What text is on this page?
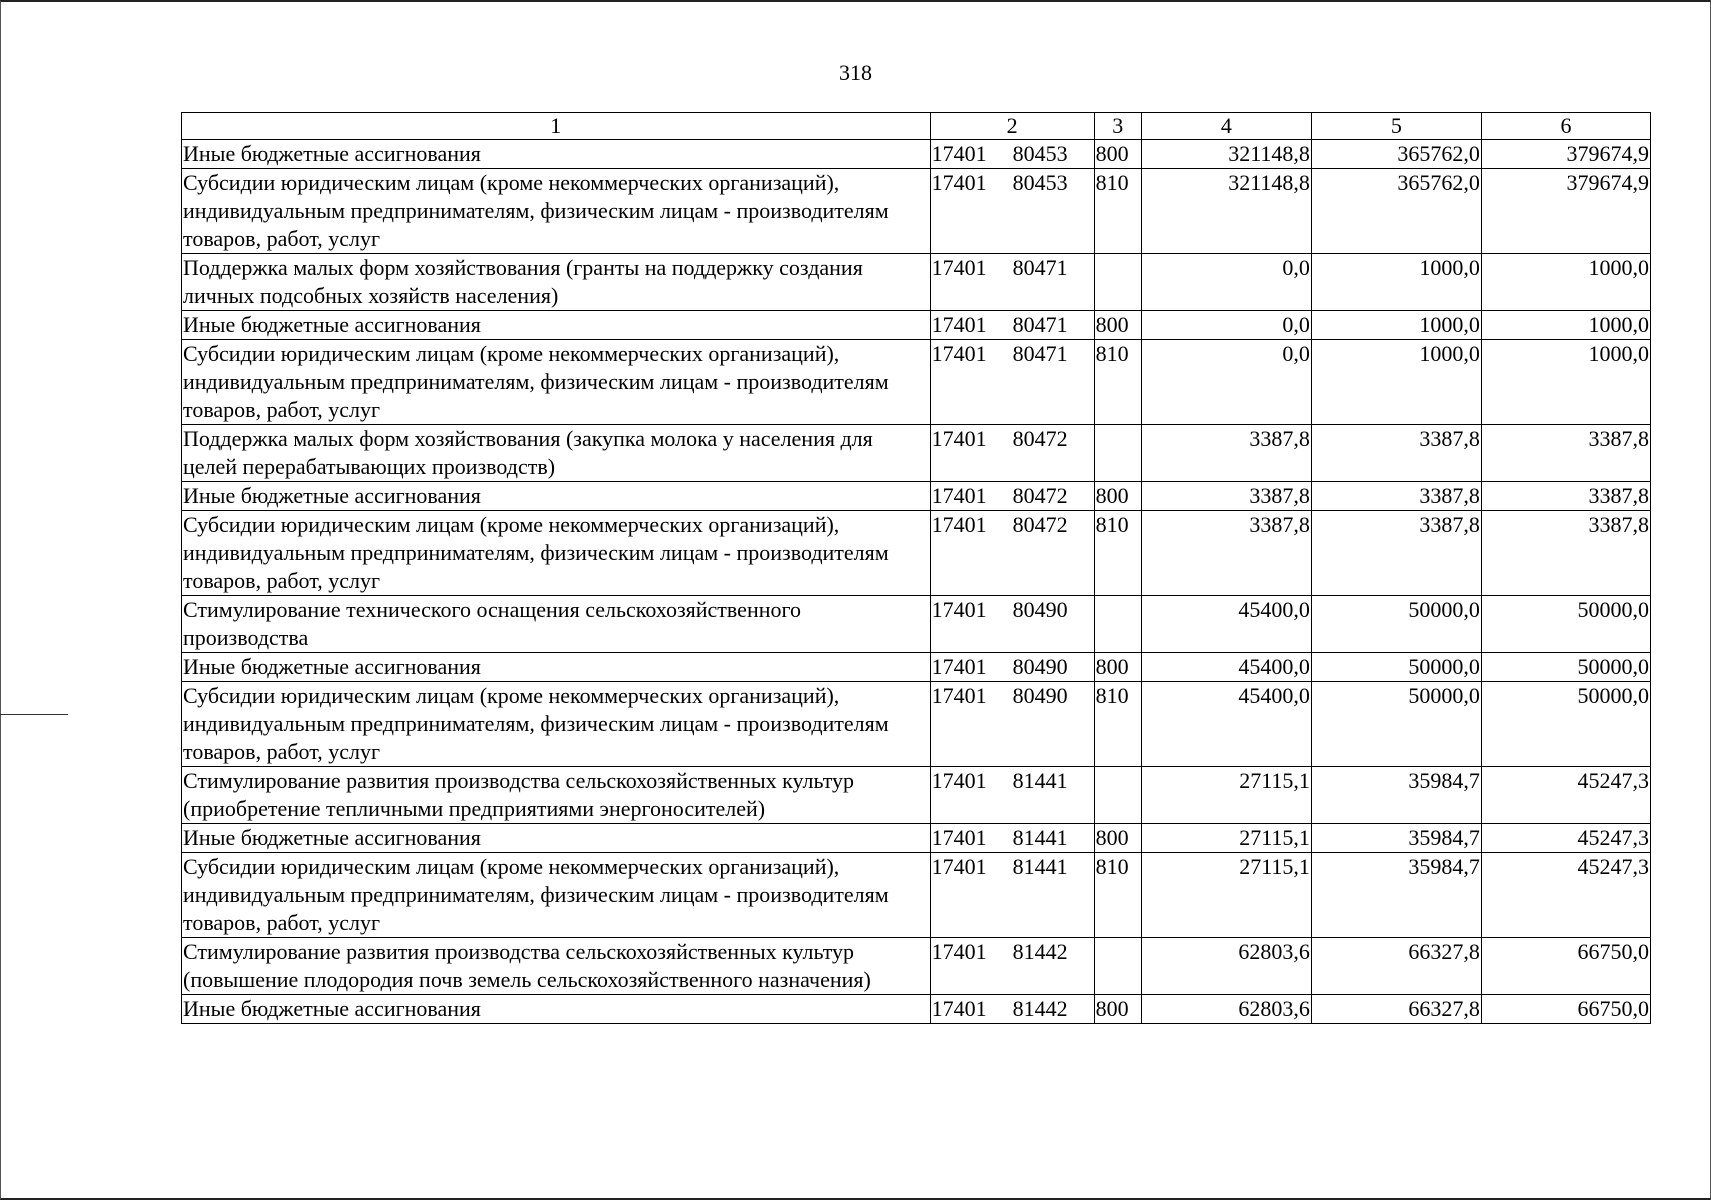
318
1	2	3	4	5	6
Иные бюджетные ассигнования	17401 80453	800	321148,8	365762,0	379674,9
Субсидии юридическим лицам (кроме некоммерческих организаций), индивидуальным предпринимателям, физическим лицам - производителям товаров, работ, услуг	17401 80453	810	321148,8	365762,0	379674,9
Поддержка малых форм хозяйствования (гранты на поддержку создания личных подсобных хозяйств населения)	17401 80471		0,0	1000,0	1000,0
Иные бюджетные ассигнования	17401 80471	800	0,0	1000,0	1000,0
Субсидии юридическим лицам (кроме некоммерческих организаций), индивидуальным предпринимателям, физическим лицам - производителям товаров, работ, услуг	17401 80471	810	0,0	1000,0	1000,0
Поддержка малых форм хозяйствования (закупка молока у населения для целей перерабатывающих производств)	17401 80472		3387,8	3387,8	3387,8
Иные бюджетные ассигнования	17401 80472	800	3387,8	3387,8	3387,8
Субсидии юридическим лицам (кроме некоммерческих организаций), индивидуальным предпринимателям, физическим лицам - производителям товаров, работ, услуг	17401 80472	810	3387,8	3387,8	3387,8
Стимулирование технического оснащения сельскохозяйственного производства	17401 80490		45400,0	50000,0	50000,0
Иные бюджетные ассигнования	17401 80490	800	45400,0	50000,0	50000,0
Субсидии юридическим лицам (кроме некоммерческих организаций), индивидуальным предпринимателям, физическим лицам - производителям товаров, работ, услуг	17401 80490	810	45400,0	50000,0	50000,0
Стимулирование развития производства сельскохозяйственных культур (приобретение тепличными предприятиями энергоносителей)	17401 81441		27115,1	35984,7	45247,3
Иные бюджетные ассигнования	17401 81441	800	27115,1	35984,7	45247,3
Субсидии юридическим лицам (кроме некоммерческих организаций), индивидуальным предпринимателям, физическим лицам - производителям товаров, работ, услуг	17401 81441	810	27115,1	35984,7	45247,3
Стимулирование развития производства сельскохозяйственных культур (повышение плодородия почв земель сельскохозяйственного назначения)	17401 81442		62803,6	66327,8	66750,0
Иные бюджетные ассигнования	17401 81442	800	62803,6	66327,8	66750,0
